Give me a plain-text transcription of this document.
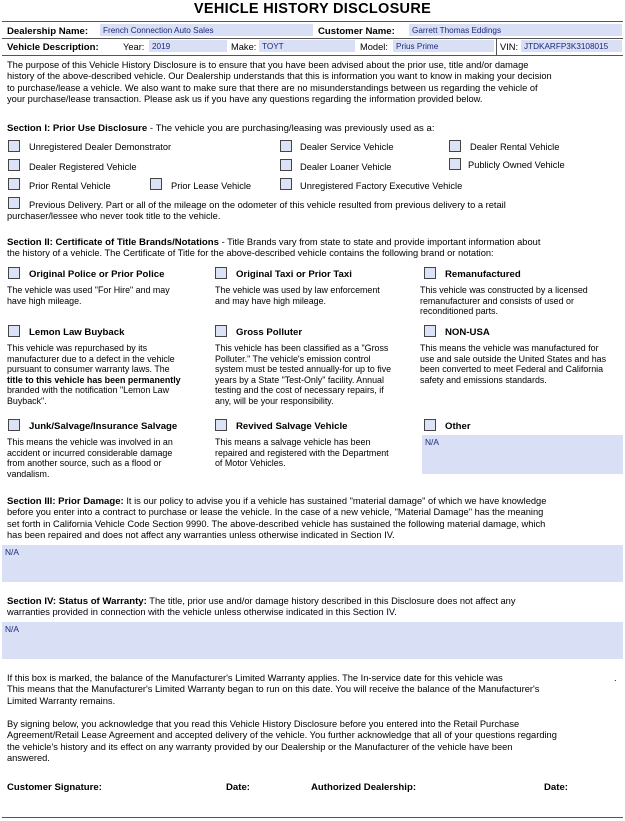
VEHICLE HISTORY DISCLOSURE
Dealership Name:	French Connection Auto Sales	Customer Name:	Garrett Thomas Eddings
Vehicle Description:	Year: 2019	Make: TOYT	Model: Prius Prime	VIN: JTDKARFP3K3108015
The purpose of this Vehicle History Disclosure is to ensure that you have been advised about the prior use, title and/or damage
history of the above-described vehicle. Our Dealership understands that this is information you want to know in making your decision
to purchase/lease a vehicle. We also want to make sure that there are no misunderstandings between us regarding the vehicle of
your purchase/lease transaction. Please ask us if you have any questions regarding the information provided below.
Section I: Prior Use Disclosure - The vehicle you are purchasing/leasing was previously used as a:
Unregistered Dealer Demonstrator	Dealer Service Vehicle	Dealer Rental Vehicle
Dealer Registered Vehicle	Dealer Loaner Vehicle	Publicly Owned Vehicle
Prior Rental Vehicle	Prior Lease Vehicle	Unregistered Factory Executive Vehicle
Previous Delivery. Part or all of the mileage on the odometer of this vehicle resulted from previous delivery to a retail
purchaser/lessee who never took title to the vehicle.
Section II: Certificate of Title Brands/Notations - Title Brands vary from state to state and provide important information about
the history of a vehicle. The Certificate of Title for the above-described vehicle contains the following brand or notation:
Original Police or Prior Police
The vehicle was used "For Hire" and may
have high mileage.
Original Taxi or Prior Taxi
The vehicle was used by law enforcement
and may have high mileage.
Remanufactured
This vehicle was constructed by a licensed
remanufacturer and consists of used or
reconditioned parts.
Lemon Law Buyback
This vehicle was repurchased by its
manufacturer due to a defect in the vehicle
pursuant to consumer warranty laws. The
title to this vehicle has been permanently
branded with the notification "Lemon Law
Buyback".
Gross Polluter
This vehicle has been classified as a "Gross
Polluter." The vehicle's emission control
system must be tested annually-for up to five
years by a State "Test-Only" facility. Annual
testing and the cost of necessary repairs, if
any, will be your responsibility.
NON-USA
This means the vehicle was manufactured for
use and sale outside the United States and has
been converted to meet Federal and California
safety and emissions standards.
Junk/Salvage/Insurance Salvage
This means the vehicle was involved in an
accident or incurred considerable damage
from another source, such as a flood or
vandalism.
Revived Salvage Vehicle
This means a salvage vehicle has been
repaired and registered with the Department
of Motor Vehicles.
Other
N/A
Section III: Prior Damage: It is our policy to advise you if a vehicle has sustained "material damage" of which we have knowledge
before you enter into a contract to purchase or lease the vehicle. In the case of a new vehicle, "Material Damage" has the meaning
set forth in California Vehicle Code Section 9990. The above-described vehicle has sustained the following material damage, which
has been repaired and does not affect any warranties unless otherwise indicated in Section IV.
N/A
Section IV: Status of Warranty: The title, prior use and/or damage history described in this Disclosure does not affect any
warranties provided in connection with the vehicle unless otherwise indicated in this Section IV.
N/A
If this box is marked, the balance of the Manufacturer's Limited Warranty applies. The In-service date for this vehicle was
This means that the Manufacturer's Limited Warranty began to run on this date. You will receive the balance of the Manufacturer's
Limited Warranty remains.
.
By signing below, you acknowledge that you read this Vehicle History Disclosure before you entered into the Retail Purchase
Agreement/Retail Lease Agreement and accepted delivery of the vehicle. You further acknowledge that all of your questions regarding
the vehicle's history and its effect on any warranty provided by our Dealership or the Manufacturer of the vehicle have been
answered.
Customer Signature:	Date:	Authorized Dealership:	Date:
